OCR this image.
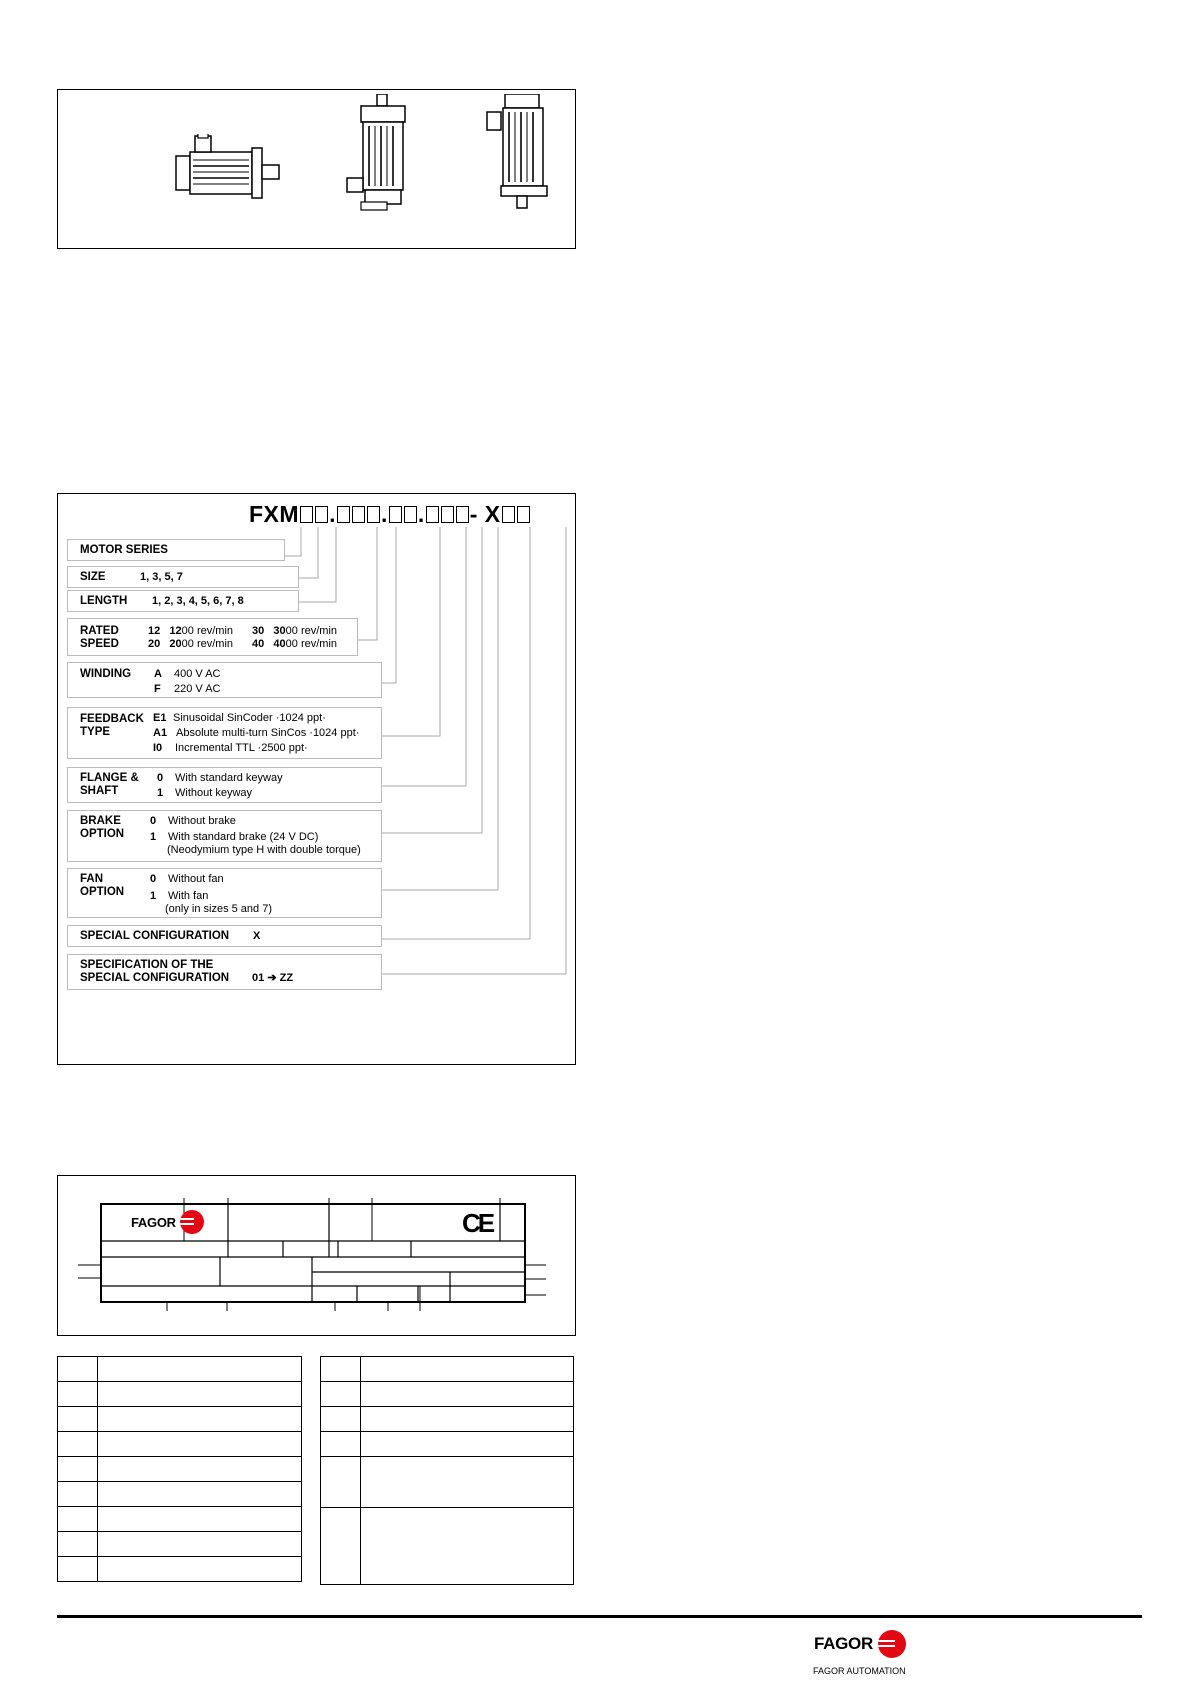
FXM . . . - X
MOTOR SERIES
SIZE	1, 3, 5, 7
LENGTH 1, 2, 3, 4, 5, 6, 7, 8
RATED
SPEED
12 1200 rev/min
20 2000 rev/min
30 3000 rev/min
40 4000 rev/min
WINDING A 400 V AC
F 220 V AC
FEEDBACK
TYPE
E1 Sinusoidal SinCoder ·1024 ppt·
A1 Absolute multi-turn SinCos ·1024 ppt·
I0 Incremental TTL ·2500 ppt·
FLANGE &
SHAFT
0 With standard keyway
1 Without keyway
BRAKE
OPTION
0 Without brake
1 With standard brake (24 V DC)
(Neodymium type H with double torque)
FAN
OPTION
0 Without fan
1 With fan
(only in sizes 5 and 7)
SPECIAL CONFIGURATION X
SPECIFICATION OF THE
SPECIAL CONFIGURATION 01 ➔ ZZ
FAGOR	CE

FAGOR
FAGOR AUTOMATION
